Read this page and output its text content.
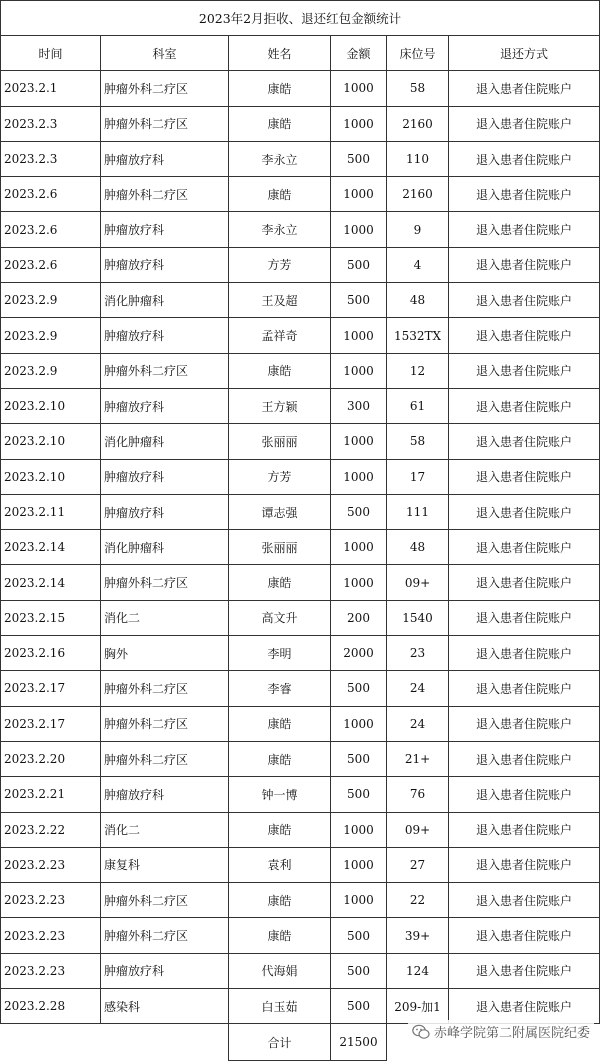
2023年2月拒收、退还红包金额统计					
时间	科室	姓名	金额	床位号	退还方式
2023.2.1	肿瘤外科二疗区	康皓	1000	58	退入患者住院账户
2023.2.3	肿瘤外科二疗区	康皓	1000	2160	退入患者住院账户
2023.2.3	肿瘤放疗科	李永立	500	110	退入患者住院账户
2023.2.6	肿瘤外科二疗区	康皓	1000	2160	退入患者住院账户
2023.2.6	肿瘤放疗科	李永立	1000	9	退入患者住院账户
2023.2.6	肿瘤放疗科	方芳	500	4	退入患者住院账户
2023.2.9	消化肿瘤科	王及超	500	48	退入患者住院账户
2023.2.9	肿瘤放疗科	孟祥奇	1000	1532TX	退入患者住院账户
2023.2.9	肿瘤外科二疗区	康皓	1000	12	退入患者住院账户
2023.2.10	肿瘤放疗科	王方颖	300	61	退入患者住院账户
2023.2.10	消化肿瘤科	张丽丽	1000	58	退入患者住院账户
2023.2.10	肿瘤放疗科	方芳	1000	17	退入患者住院账户
2023.2.11	肿瘤放疗科	谭志强	500	111	退入患者住院账户
2023.2.14	消化肿瘤科	张丽丽	1000	48	退入患者住院账户
2023.2.14	肿瘤外科二疗区	康皓	1000	09+	退入患者住院账户
2023.2.15	消化二	高文升	200	1540	退入患者住院账户
2023.2.16	胸外	李明	2000	23	退入患者住院账户
2023.2.17	肿瘤外科二疗区	李睿	500	24	退入患者住院账户
2023.2.17	肿瘤外科二疗区	康皓	1000	24	退入患者住院账户
2023.2.20	肿瘤外科二疗区	康皓	500	21+	退入患者住院账户
2023.2.21	肿瘤放疗科	钟一博	500	76	退入患者住院账户
2023.2.22	消化二	康皓	1000	09+	退入患者住院账户
2023.2.23	康复科	袁利	1000	27	退入患者住院账户
2023.2.23	肿瘤外科二疗区	康皓	1000	22	退入患者住院账户
2023.2.23	肿瘤外科二疗区	康皓	500	39+	退入患者住院账户
2023.2.23	肿瘤放疗科	代海娟	500	124	退入患者住院账户
2023.2.28	感染科	白玉茹	500	209-加1	退入患者住院账户
		合计	21500		
赤峰学院第二附属医院纪委
